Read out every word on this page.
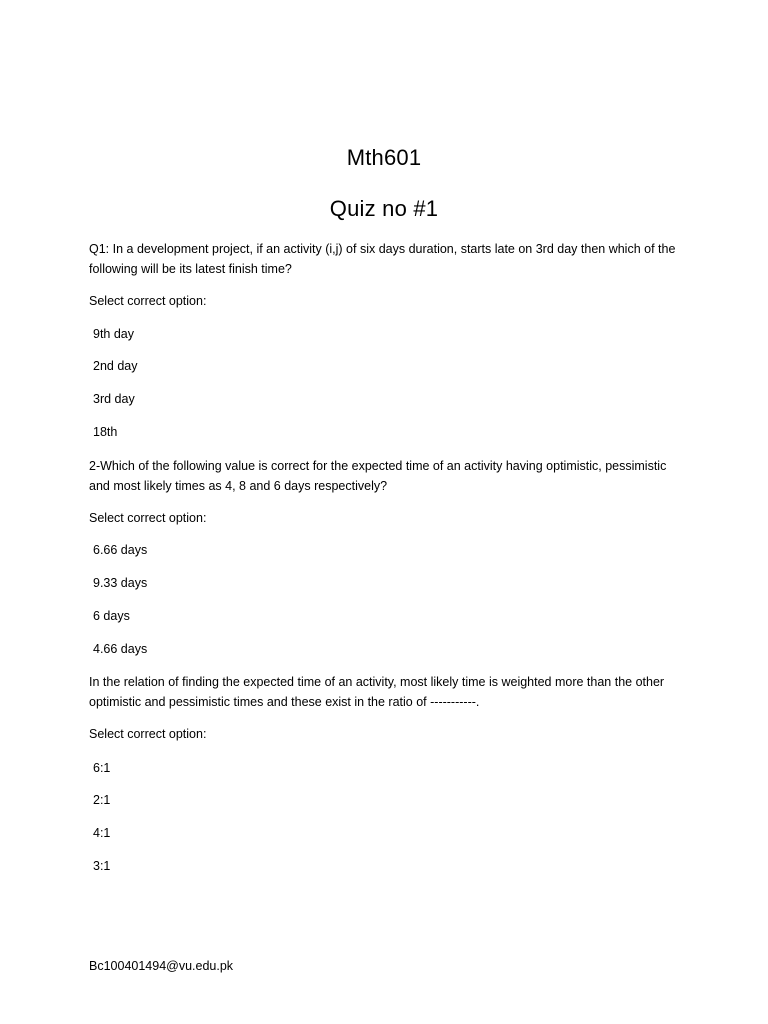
Mth601
Quiz no #1
Q1: In a development project, if an activity (i,j) of six days duration, starts late on 3rd day then which of the following will be its latest finish time?
Select correct option:
9th day
2nd day
3rd day
18th
2-Which of the following value is correct for the expected time of an activity having optimistic, pessimistic and most likely times as 4, 8 and 6 days respectively?
Select correct option:
6.66 days
9.33 days
6 days
4.66 days
In the relation of finding the expected time of an activity, most likely time is weighted more than the other optimistic and pessimistic times and these exist in the ratio of -----------.
Select correct option:
6:1
2:1
4:1
3:1
Bc100401494@vu.edu.pk
